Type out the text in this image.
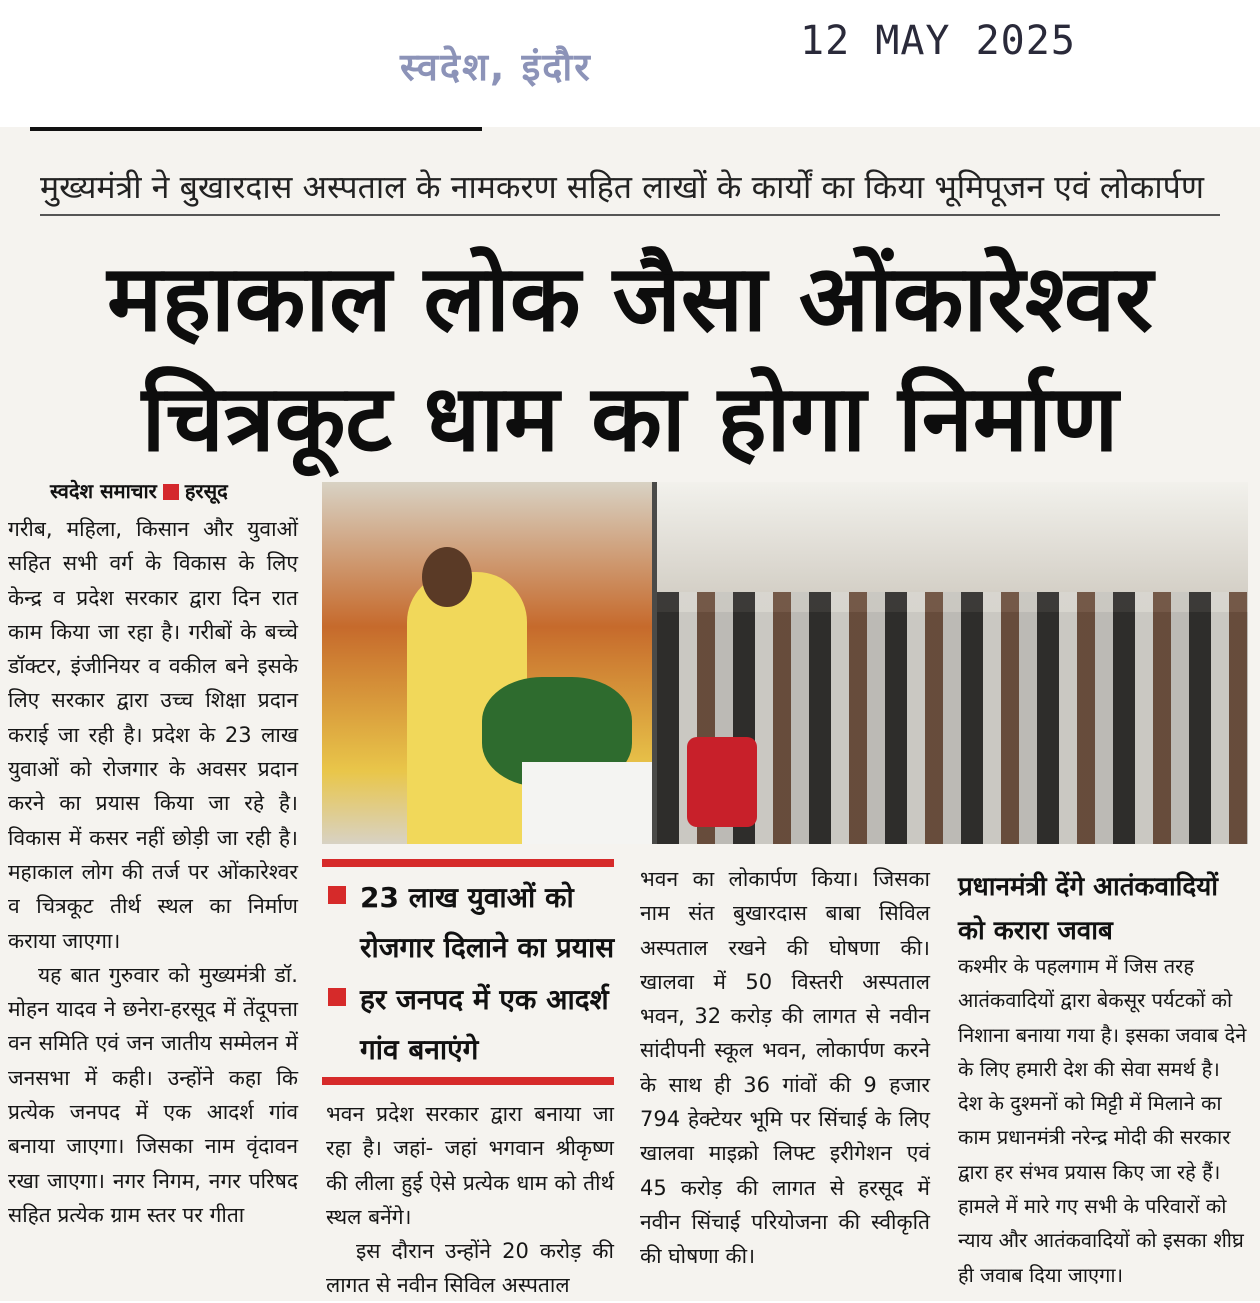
स्वदेश, इंदौर
12 MAY 2025
मुख्यमंत्री ने बुखारदास अस्पताल के नामकरण सहित लाखों के कार्यों का किया भूमिपूजन एवं लोकार्पण
महाकाल लोक जैसा ओंकारेश्वर
चित्रकूट धाम का होगा निर्माण
स्वदेश समाचार हरसूद

गरीब, महिला, किसान और युवाओं सहित सभी वर्ग के विकास के लिए केन्द्र व प्रदेश सरकार द्वारा दिन रात काम किया जा रहा है। गरीबों के बच्चे डॉक्टर, इंजीनियर व वकील बने इसके लिए सरकार द्वारा उच्च शिक्षा प्रदान कराई जा रही है। प्रदेश के 23 लाख युवाओं को रोजगार के अवसर प्रदान करने का प्रयास किया जा रहे है। विकास में कसर नहीं छोड़ी जा रही है। महाकाल लोग की तर्ज पर ओंकारेश्वर व चित्रकूट तीर्थ स्थल का निर्माण कराया जाएगा।

यह बात गुरुवार को मुख्यमंत्री डॉ. मोहन यादव ने छनेरा-हरसूद में तेंदूपत्ता वन समिति एवं जन जातीय सम्मेलन में जनसभा में कही। उन्होंने कहा कि प्रत्येक जनपद में एक आदर्श गांव बनाया जाएगा। जिसका नाम वृंदावन रखा जाएगा। नगर निगम, नगर परिषद सहित प्रत्येक ग्राम स्तर पर गीता

23 लाख युवाओं को
रोजगार दिलाने का प्रयास
हर जनपद में एक आदर्श
गांव बनाएंगे

भवन प्रदेश सरकार द्वारा बनाया जा रहा है। जहां- जहां भगवान श्रीकृष्ण की लीला हुई ऐसे प्रत्येक धाम को तीर्थ स्थल बनेंगे।

इस दौरान उन्होंने 20 करोड़ की लागत से नवीन सिविल अस्पताल

भवन का लोकार्पण किया। जिसका नाम संत बुखारदास बाबा सिविल अस्पताल रखने की घोषणा की। खालवा में 50 विस्तरी अस्पताल भवन, 32 करोड़ की लागत से नवीन सांदीपनी स्कूल भवन, लोकार्पण करने के साथ ही 36 गांवों की 9 हजार 794 हेक्टेयर भूमि पर सिंचाई के लिए खालवा माइक्रो लिफ्ट इरीगेशन एवं 45 करोड़ की लागत से हरसूद में नवीन सिंचाई परियोजना की स्वीकृति की घोषणा की।

प्रधानमंत्री देंगे आतंकवादियों
को करारा जवाब

कश्मीर के पहलगाम में जिस तरह आतंकवादियों द्वारा बेकसूर पर्यटकों को निशाना बनाया गया है। इसका जवाब देने के लिए हमारी देश की सेवा समर्थ है। देश के दुश्मनों को मिट्टी में मिलाने का काम प्रधानमंत्री नरेन्द्र मोदी की सरकार द्वारा हर संभव प्रयास किए जा रहे हैं। हामले में मारे गए सभी के परिवारों को न्याय और आतंकवादियों को इसका शीघ्र ही जवाब दिया जाएगा।
